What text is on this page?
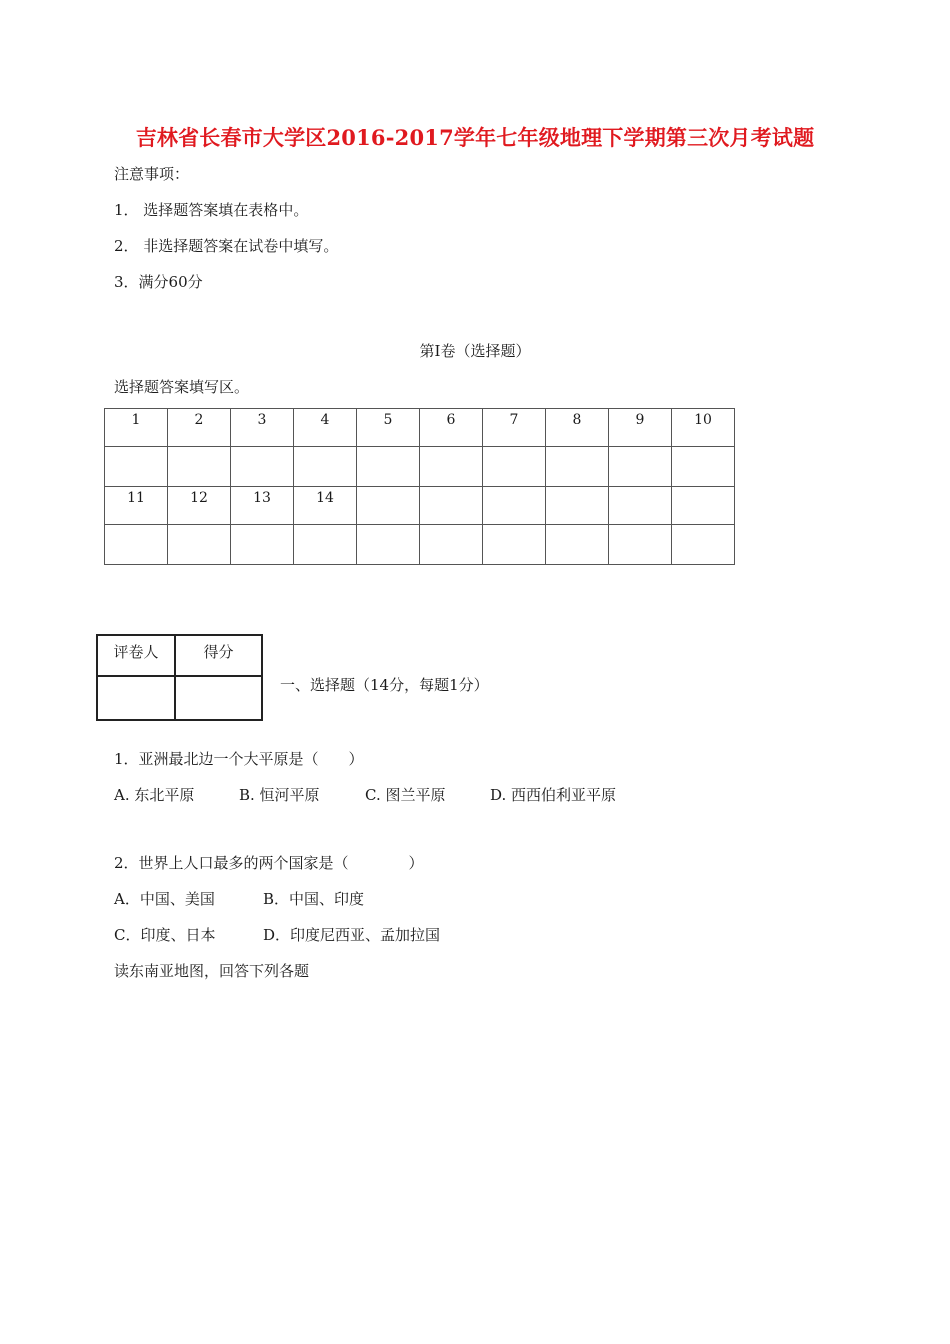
吉林省长春市大学区2016-2017学年七年级地理下学期第三次月考试题
注意事项：
1． 选择题答案填在表格中。
2． 非选择题答案在试卷中填写。
3．满分60分
第Ⅰ卷（选择题）
选择题答案填写区。
1	2	3	4	5	6	7	8	9	10

11	12	13	14						

评卷人	得分

一、选择题（14分，每题1分）
1．亚洲最北边一个大平原是（　　）
A. 东北平原	B. 恒河平原	C. 图兰平原	D. 西西伯利亚平原
2．世界上人口最多的两个国家是（　　　　）
A．中国、美国	B．中国、印度
C．印度、日本	D．印度尼西亚、孟加拉国
读东南亚地图，回答下列各题
